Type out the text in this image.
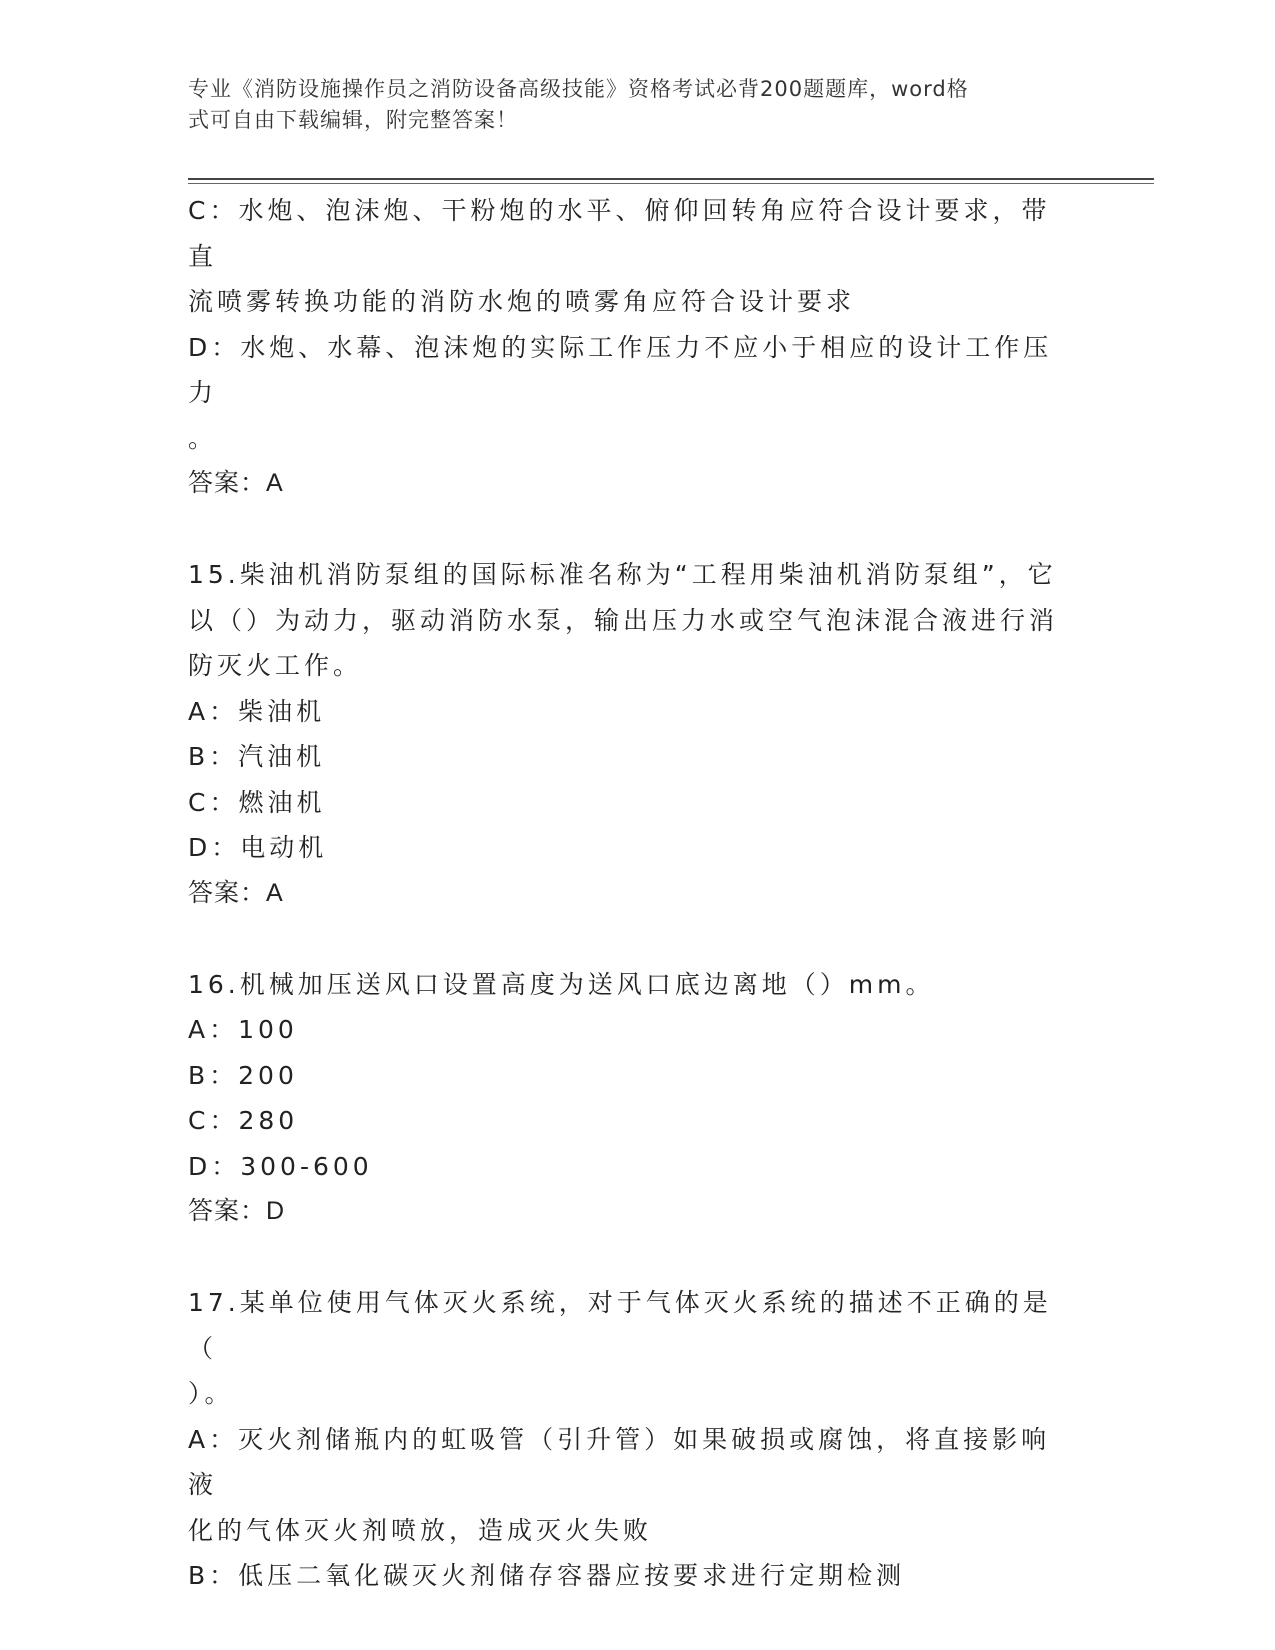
专业《消防设施操作员之消防设备高级技能》资格考试必背200题题库，word格
式可自由下载编辑，附完整答案！

C：水炮、泡沫炮、干粉炮的水平、俯仰回转角应符合设计要求，带直

流喷雾转换功能的消防水炮的喷雾角应符合设计要求

D：水炮、水幕、泡沫炮的实际工作压力不应小于相应的设计工作压力

。

答案：A

15.柴油机消防泵组的国际标准名称为“工程用柴油机消防泵组”，它

以（）为动力，驱动消防水泵，输出压力水或空气泡沫混合液进行消

防灭火工作。

A：柴油机

B：汽油机

C：燃油机

D：电动机

答案：A

16.机械加压送风口设置高度为送风口底边离地（）mm。

A：100

B：200

C：280

D：300-600

答案：D

17.某单位使用气体灭火系统，对于气体灭火系统的描述不正确的是（

）。

A：灭火剂储瓶内的虹吸管（引升管）如果破损或腐蚀，将直接影响液

化的气体灭火剂喷放，造成灭火失败

B：低压二氧化碳灭火剂储存容器应按要求进行定期检测
